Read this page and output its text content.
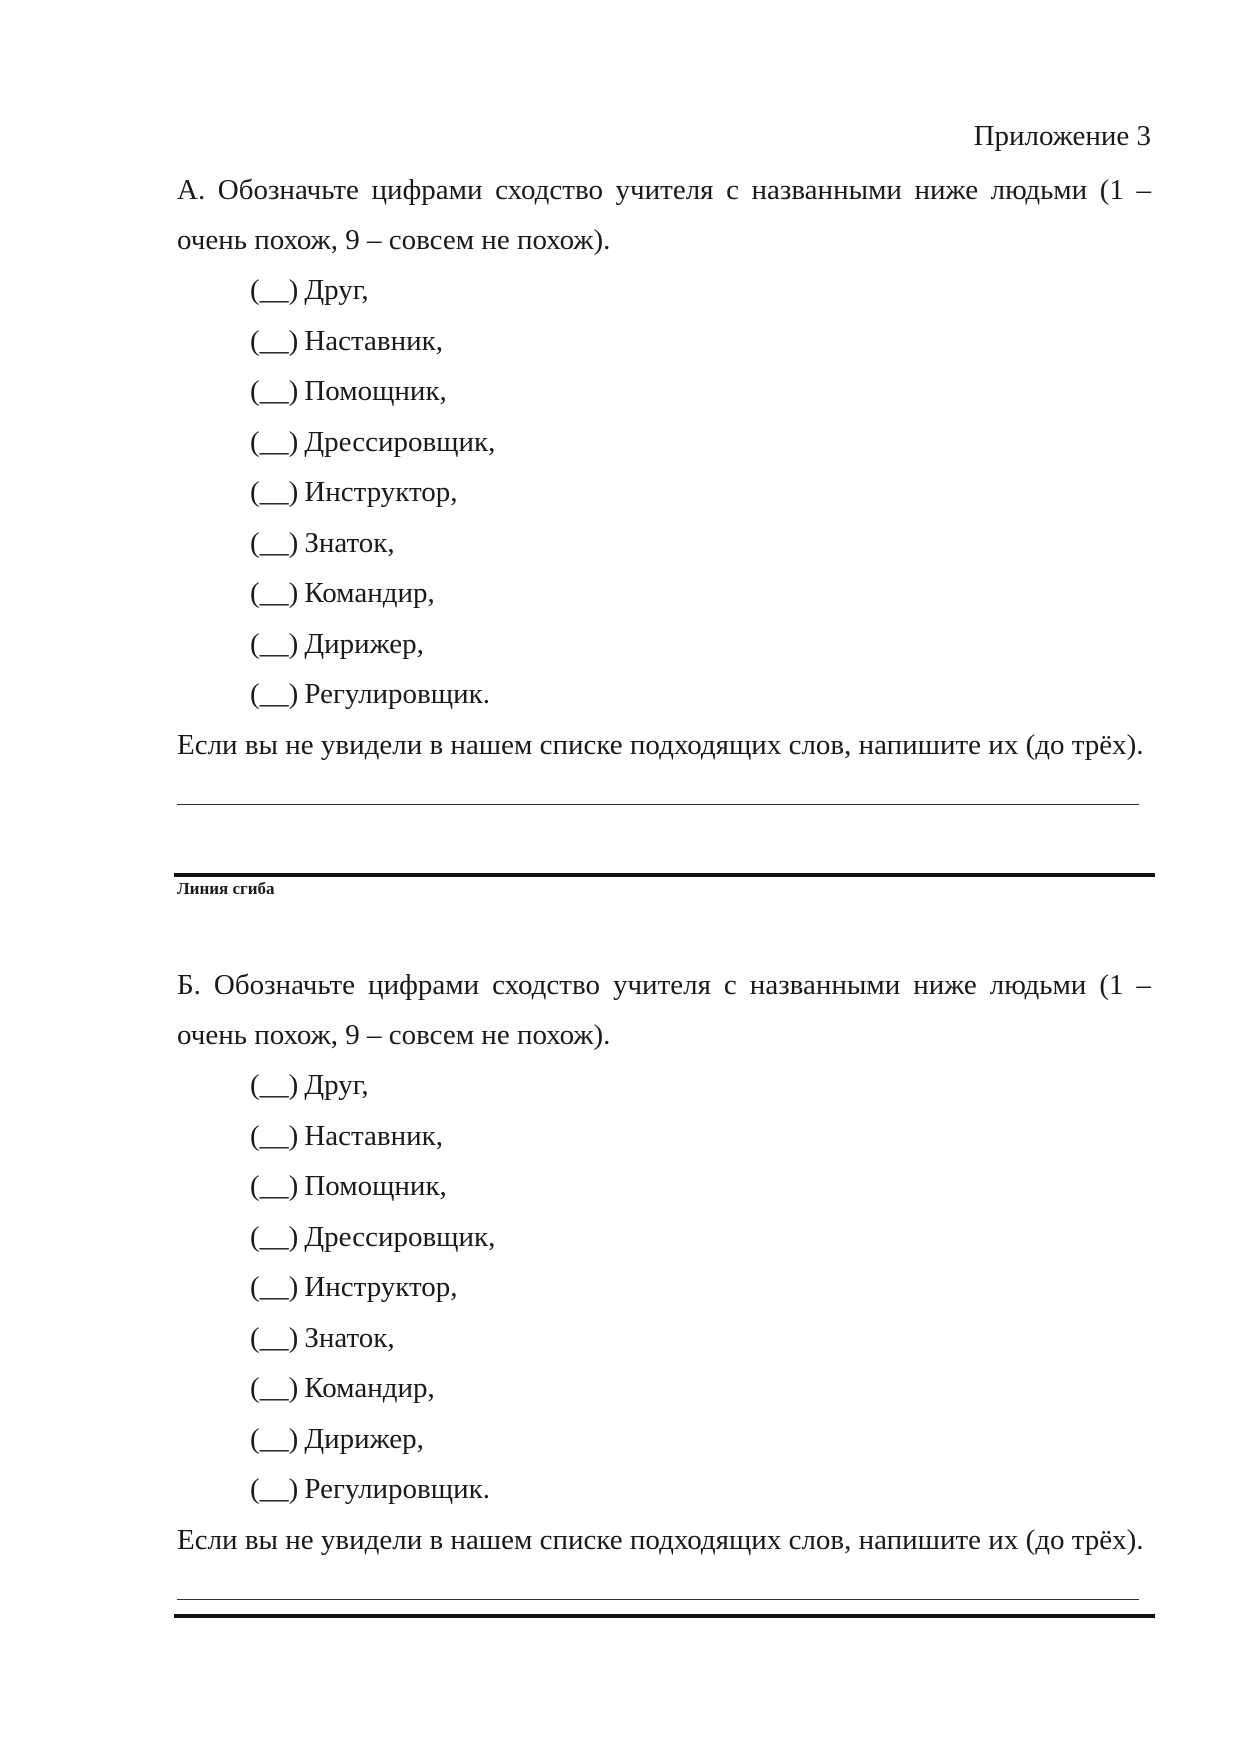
Приложение 3

А. Обозначьте цифрами сходство учителя с названными ниже людьми (1 – очень похож, 9 – совсем не похож).

(__) Друг,
(__) Наставник,
(__) Помощник,
(__) Дрессировщик,
(__) Инструктор,
(__) Знаток,
(__) Командир,
(__) Дирижер,
(__) Регулировщик.

Если вы не увидели в нашем списке подходящих слов, напишите их (до трёх).

Линия сгиба

Б. Обозначьте цифрами сходство учителя с названными ниже людьми (1 – очень похож, 9 – совсем не похож).

(__) Друг,
(__) Наставник,
(__) Помощник,
(__) Дрессировщик,
(__) Инструктор,
(__) Знаток,
(__) Командир,
(__) Дирижер,
(__) Регулировщик.

Если вы не увидели в нашем списке подходящих слов, напишите их (до трёх).
